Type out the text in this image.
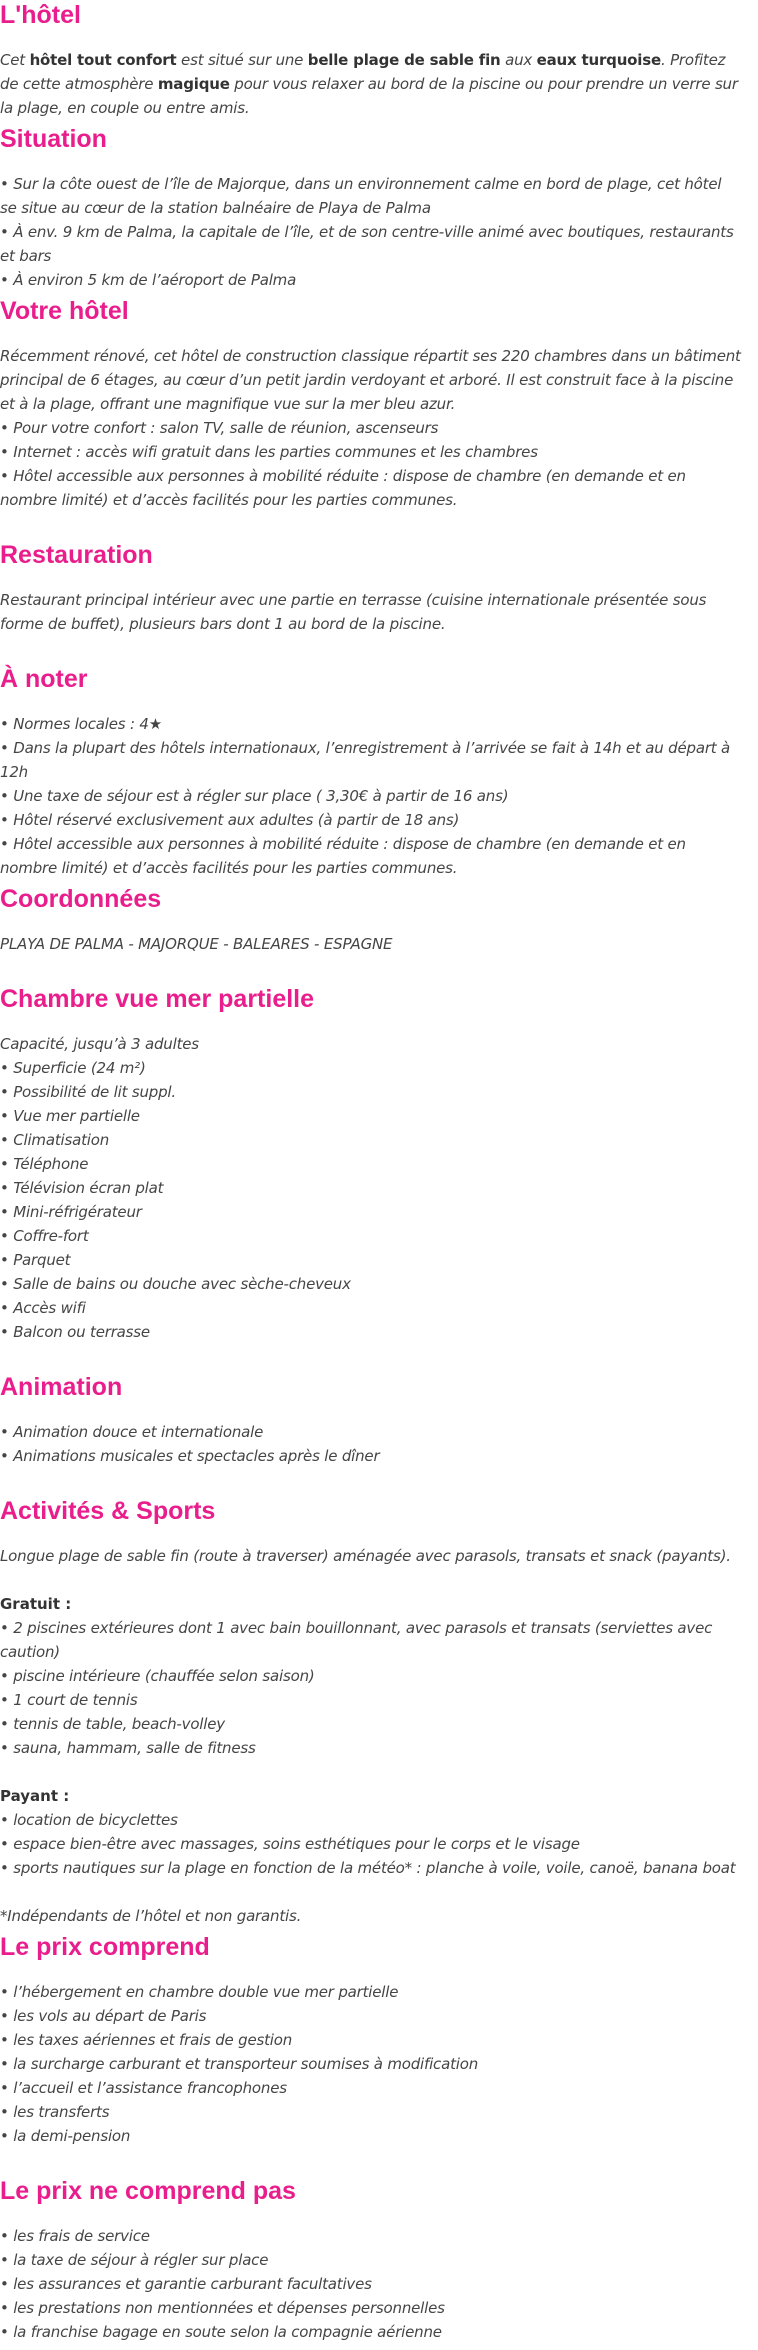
L'hôtel

Cet hôtel tout confort est situé sur une belle plage de sable fin aux eaux turquoise. Profitez de cette atmosphère magique pour vous relaxer au bord de la piscine ou pour prendre un verre sur la plage, en couple ou entre amis.

Situation
• Sur la côte ouest de l’île de Majorque, dans un environnement calme en bord de plage, cet hôtel se situe au cœur de la station balnéaire de Playa de Palma
• À env. 9 km de Palma, la capitale de l’île, et de son centre-ville animé avec boutiques, restaurants et bars
• À environ 5 km de l’aéroport de Palma
Votre hôtel
Récemment rénové, cet hôtel de construction classique répartit ses 220 chambres dans un bâtiment principal de 6 étages, au cœur d’un petit jardin verdoyant et arboré. Il est construit face à la piscine et à la plage, offrant une magnifique vue sur la mer bleu azur.
• Pour votre confort : salon TV, salle de réunion, ascenseurs
• Internet : accès wifi gratuit dans les parties communes et les chambres
• Hôtel accessible aux personnes à mobilité réduite : dispose de chambre (en demande et en nombre limité) et d’accès facilités pour les parties communes.
Restauration
Restaurant principal intérieur avec une partie en terrasse (cuisine internationale présentée sous forme de buffet), plusieurs bars dont 1 au bord de la piscine.
À noter
• Normes locales : 4★
• Dans la plupart des hôtels internationaux, l’enregistrement à l’arrivée se fait à 14h et au départ à 12h
• Une taxe de séjour est à régler sur place ( 3,30€ à partir de 16 ans)
• Hôtel réservé exclusivement aux adultes (à partir de 18 ans)
• Hôtel accessible aux personnes à mobilité réduite : dispose de chambre (en demande et en nombre limité) et d’accès facilités pour les parties communes.
Coordonnées
PLAYA DE PALMA - MAJORQUE - BALEARES - ESPAGNE
Chambre vue mer partielle
Capacité, jusqu’à 3 adultes
• Superficie (24 m²)
• Possibilité de lit suppl.
• Vue mer partielle
• Climatisation
• Téléphone
• Télévision écran plat
• Mini-réfrigérateur
• Coffre-fort
• Parquet
• Salle de bains ou douche avec sèche-cheveux
• Accès wifi
• Balcon ou terrasse
Animation
• Animation douce et internationale
• Animations musicales et spectacles après le dîner
Activités & Sports
Longue plage de sable fin (route à traverser) aménagée avec parasols, transats et snack (payants).
Gratuit :
• 2 piscines extérieures dont 1 avec bain bouillonnant, avec parasols et transats (serviettes avec caution)
• piscine intérieure (chauffée selon saison)
• 1 court de tennis
• tennis de table, beach-volley
• sauna, hammam, salle de fitness
Payant :
• location de bicyclettes
• espace bien-être avec massages, soins esthétiques pour le corps et le visage
• sports nautiques sur la plage en fonction de la météo* : planche à voile, voile, canoë, banana boat
*Indépendants de l’hôtel et non garantis.
Le prix comprend
• l’hébergement en chambre double vue mer partielle
• les vols au départ de Paris
• les taxes aériennes et frais de gestion
• la surcharge carburant et transporteur soumises à modification
• l’accueil et l’assistance francophones
• les transferts
• la demi-pension
Le prix ne comprend pas
• les frais de service
• la taxe de séjour à régler sur place
• les assurances et garantie carburant facultatives
• les prestations non mentionnées et dépenses personnelles
• la franchise bagage en soute selon la compagnie aérienne
